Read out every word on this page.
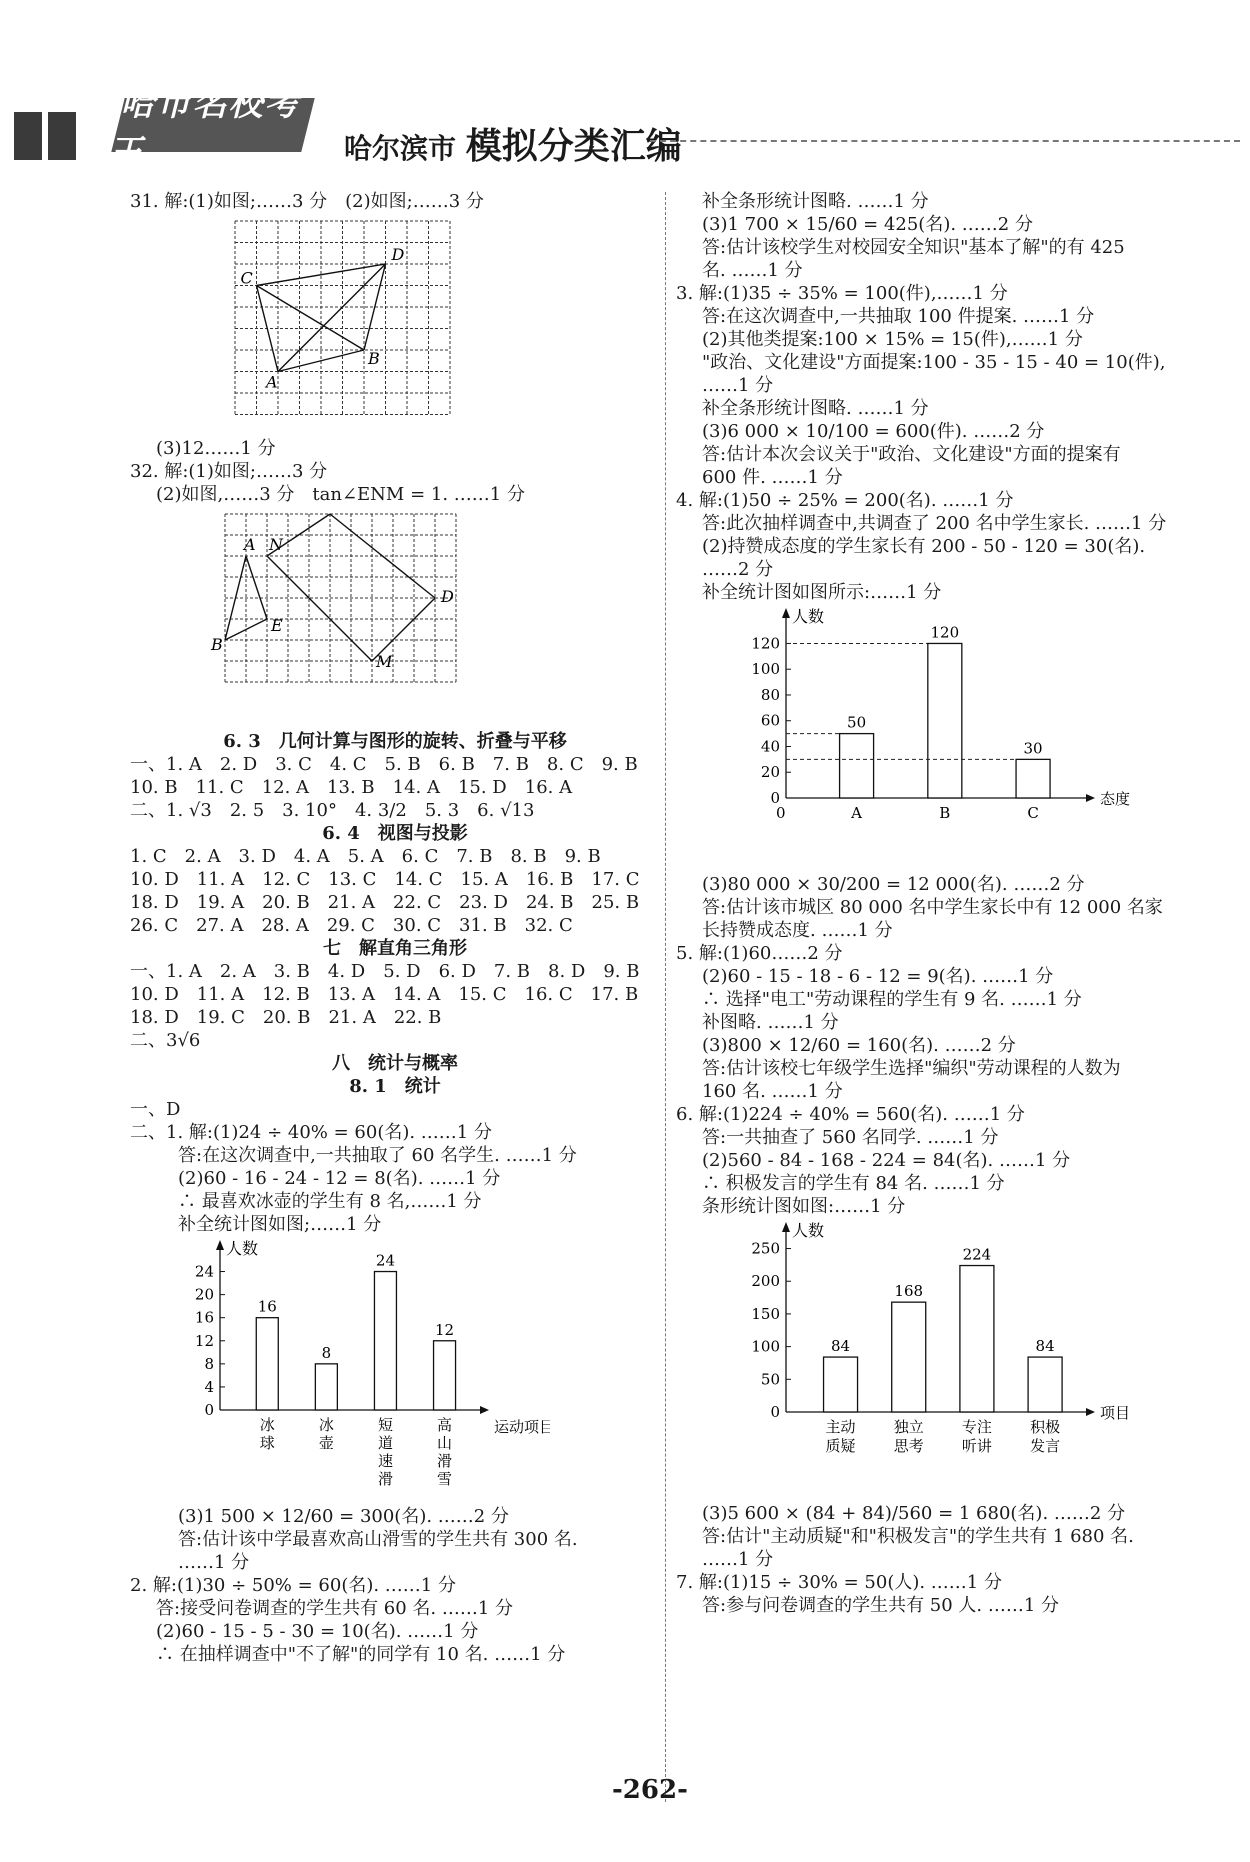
哈市名校考王	哈尔滨市 模拟分类汇编

31. 解:(1)如图;……3 分　(2)如图;……3 分

C
D
B
A

(3)12……1 分

32. 解:(1)如图;……3 分

(2)如图,……3 分　tan∠ENM = 1. ……1 分

A N
E
B
D
M

6. 3　几何计算与图形的旋转、折叠与平移

一、1. A　2. D　3. C　4. C　5. B　6. B　7. B　8. C　9. B

10. B　11. C　12. A　13. B　14. A　15. D　16. A

二、1. √3　2. 5　3. 10°　4. 3/2　5. 3　6. √13

6. 4　视图与投影

1. C　2. A　3. D　4. A　5. A　6. C　7. B　8. B　9. B

10. D　11. A　12. C　13. C　14. C　15. A　16. B　17. C

18. D　19. A　20. B　21. A　22. C　23. D　24. B　25. B

26. C　27. A　28. A　29. C　30. C　31. B　32. C

七　解直角三角形

一、1. A　2. A　3. B　4. D　5. D　6. D　7. B　8. D　9. B

10. D　11. A　12. B　13. A　14. A　15. C　16. C　17. B

18. D　19. C　20. B　21. A　22. B

二、3√6

八　统计与概率

8. 1　统计

一、D

二、1. 解:(1)24 ÷ 40% = 60(名). ……1 分

答:在这次调查中,一共抽取了 60 名学生. ……1 分

(2)60 - 16 - 24 - 12 = 8(名). ……1 分

∴ 最喜欢冰壶的学生有 8 名,……1 分

补全统计图如图;……1 分

人数
运动项目
0
4
8
12
16
20
24
16
冰
球
8
冰
壶
24
短
道
速
滑
12
高
山
滑
雪

(3)1 500 × 12/60 = 300(名). ……2 分

答:估计该中学最喜欢高山滑雪的学生共有 300 名.

……1 分

2. 解:(1)30 ÷ 50% = 60(名). ……1 分

答:接受问卷调查的学生共有 60 名. ……1 分

(2)60 - 15 - 5 - 30 = 10(名). ……1 分

∴ 在抽样调查中"不了解"的同学有 10 名. ……1 分

补全条形统计图略. ……1 分

(3)1 700 × 15/60 = 425(名). ……2 分

答:估计该校学生对校园安全知识"基本了解"的有 425

名. ……1 分

3. 解:(1)35 ÷ 35% = 100(件),……1 分

答:在这次调查中,一共抽取 100 件提案. ……1 分

(2)其他类提案:100 × 15% = 15(件),……1 分

"政治、文化建设"方面提案:100 - 35 - 15 - 40 = 10(件),

……1 分

补全条形统计图略. ……1 分

(3)6 000 × 10/100 = 600(件). ……2 分

答:估计本次会议关于"政治、文化建设"方面的提案有

600 件. ……1 分

4. 解:(1)50 ÷ 25% = 200(名). ……1 分

答:此次抽样调查中,共调查了 200 名中学生家长. ……1 分

(2)持赞成态度的学生家长有 200 - 50 - 120 = 30(名).

……2 分

补全统计图如图所示:……1 分

人数
态度
0
20
40
60
80
100
120
50
A
120
B
30
C
0

(3)80 000 × 30/200 = 12 000(名). ……2 分

答:估计该市城区 80 000 名中学生家长中有 12 000 名家

长持赞成态度. ……1 分

5. 解:(1)60……2 分

(2)60 - 15 - 18 - 6 - 12 = 9(名). ……1 分

∴ 选择"电工"劳动课程的学生有 9 名. ……1 分

补图略. ……1 分

(3)800 × 12/60 = 160(名). ……2 分

答:估计该校七年级学生选择"编织"劳动课程的人数为

160 名. ……1 分

6. 解:(1)224 ÷ 40% = 560(名). ……1 分

答:一共抽查了 560 名同学. ……1 分

(2)560 - 84 - 168 - 224 = 84(名). ……1 分

∴ 积极发言的学生有 84 名. ……1 分

条形统计图如图:……1 分

人数
项目
0
50
100
150
200
250
84
主动
质疑
168
独立
思考
224
专注
听讲
84
积极
发言

(3)5 600 × (84 + 84)/560 = 1 680(名). ……2 分

答:估计"主动质疑"和"积极发言"的学生共有 1 680 名.

……1 分

7. 解:(1)15 ÷ 30% = 50(人). ……1 分

答:参与问卷调查的学生共有 50 人. ……1 分

-262-
